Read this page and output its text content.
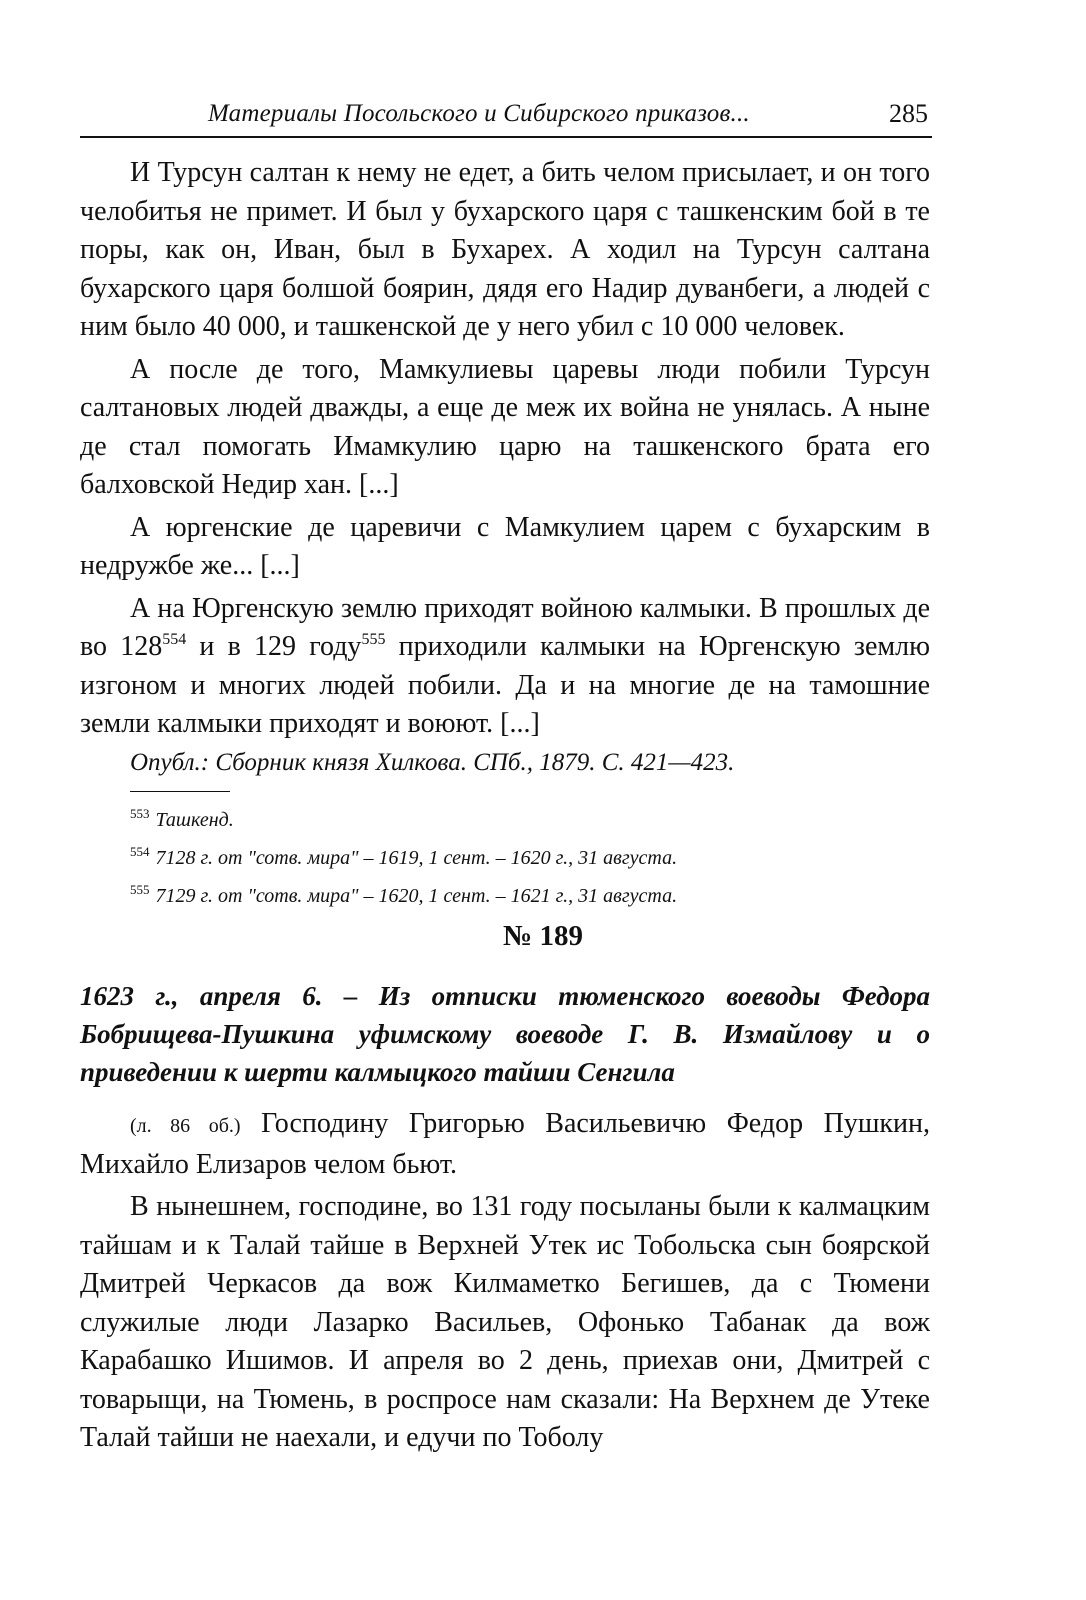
Материалы Посольского и Сибирского приказов...	285

И Турсун салтан к нему не едет, а бить челом присылает, и он того челобитья не примет. И был у бухарского царя с ташкенским бой в те поры, как он, Иван, был в Бухарех. А ходил на Турсун салтана бухарского царя болшой боярин, дядя его Надир дуванбеги, а людей с ним было 40 000, и ташкенской де у него убил с 10 000 человек.

А после де того, Мамкулиевы царевы люди побили Турсун салтановых людей дважды, а еще де меж их война не унялась. А ныне де стал помогать Имамкулию царю на ташкенского брата его балховской Недир хан. [...]

А юргенские де царевичи с Мамкулием царем с бухарским в недружбе же... [...]

А на Юргенскую землю приходят войною калмыки. В прошлых де во $128^{554}$ и в 129 году$^{555}$ приходили калмыки на Юргенскую землю изгоном и многих людей побили. Да и на многие де на тамошние земли калмыки приходят и воюют. [...]

Опубл.: Сборник князя Хилкова. СПб., 1879. С. 421—423.

$^{553}$ Ташкенд.

$^{554}$ 7128 г. от "сотв. мира" – 1619, 1 сент. – 1620 г., 31 августа.

$^{555}$ 7129 г. от "сотв. мира" – 1620, 1 сент. – 1621 г., 31 августа.

№ 189

1623 г., апреля 6. – Из отписки тюменского воеводы Федора Бобрищева-Пушкина уфимскому воеводе Г. В. Измайлову и о приведении к шерти калмыцкого тайши Сенгила

(л. 86 об.) Господину Григорью Васильевичю Федор Пушкин, Михайло Елизаров челом бьют.

В нынешнем, господине, во 131 году посыланы были к калмацким тайшам и к Талай тайше в Верхней Утек ис Тобольска сын боярской Дмитрей Черкасов да вож Килмаметко Бегишев, да с Тюмени служилые люди Лазарко Васильев, Офонько Табанак да вож Карабашко Ишимов. И апреля во 2 день, приехав они, Дмитрей с товарыщи, на Тюмень, в роспросе нам сказали: На Верхнем де Утеке Талай тайши не наехали, и едучи по Тоболу
